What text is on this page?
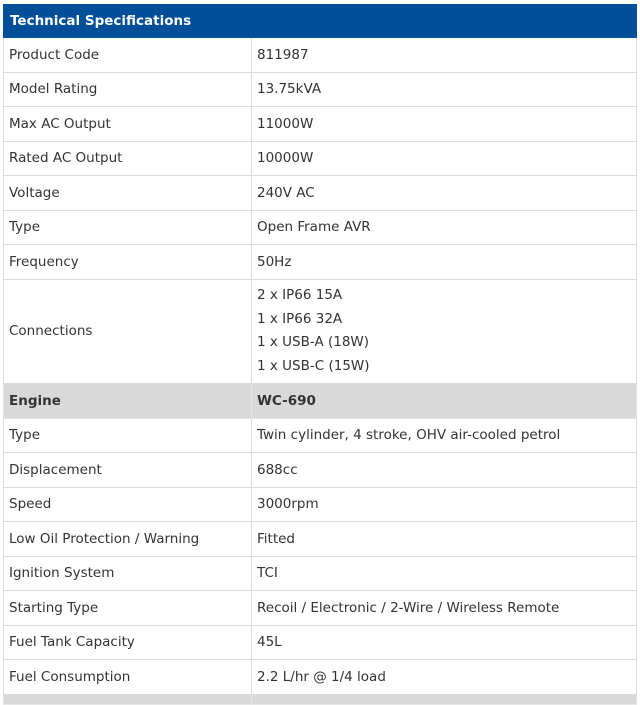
Technical Specifications	
Product Code	811987
Model Rating	13.75kVA
Max AC Output	11000W
Rated AC Output	10000W
Voltage	240V AC
Type	Open Frame AVR
Frequency	50Hz
Connections	2 x IP66 15A
1 x IP66 32A
1 x USB-A (18W)
1 x USB-C (15W)

Engine	WC-690
Type	Twin cylinder, 4 stroke, OHV air-cooled petrol
Displacement	688cc
Speed	3000rpm
Low Oil Protection / Warning	Fitted
Ignition System	TCI
Starting Type	Recoil / Electronic / 2-Wire / Wireless Remote
Fuel Tank Capacity	45L
Fuel Consumption	2.2 L/hr @ 1/4 load
